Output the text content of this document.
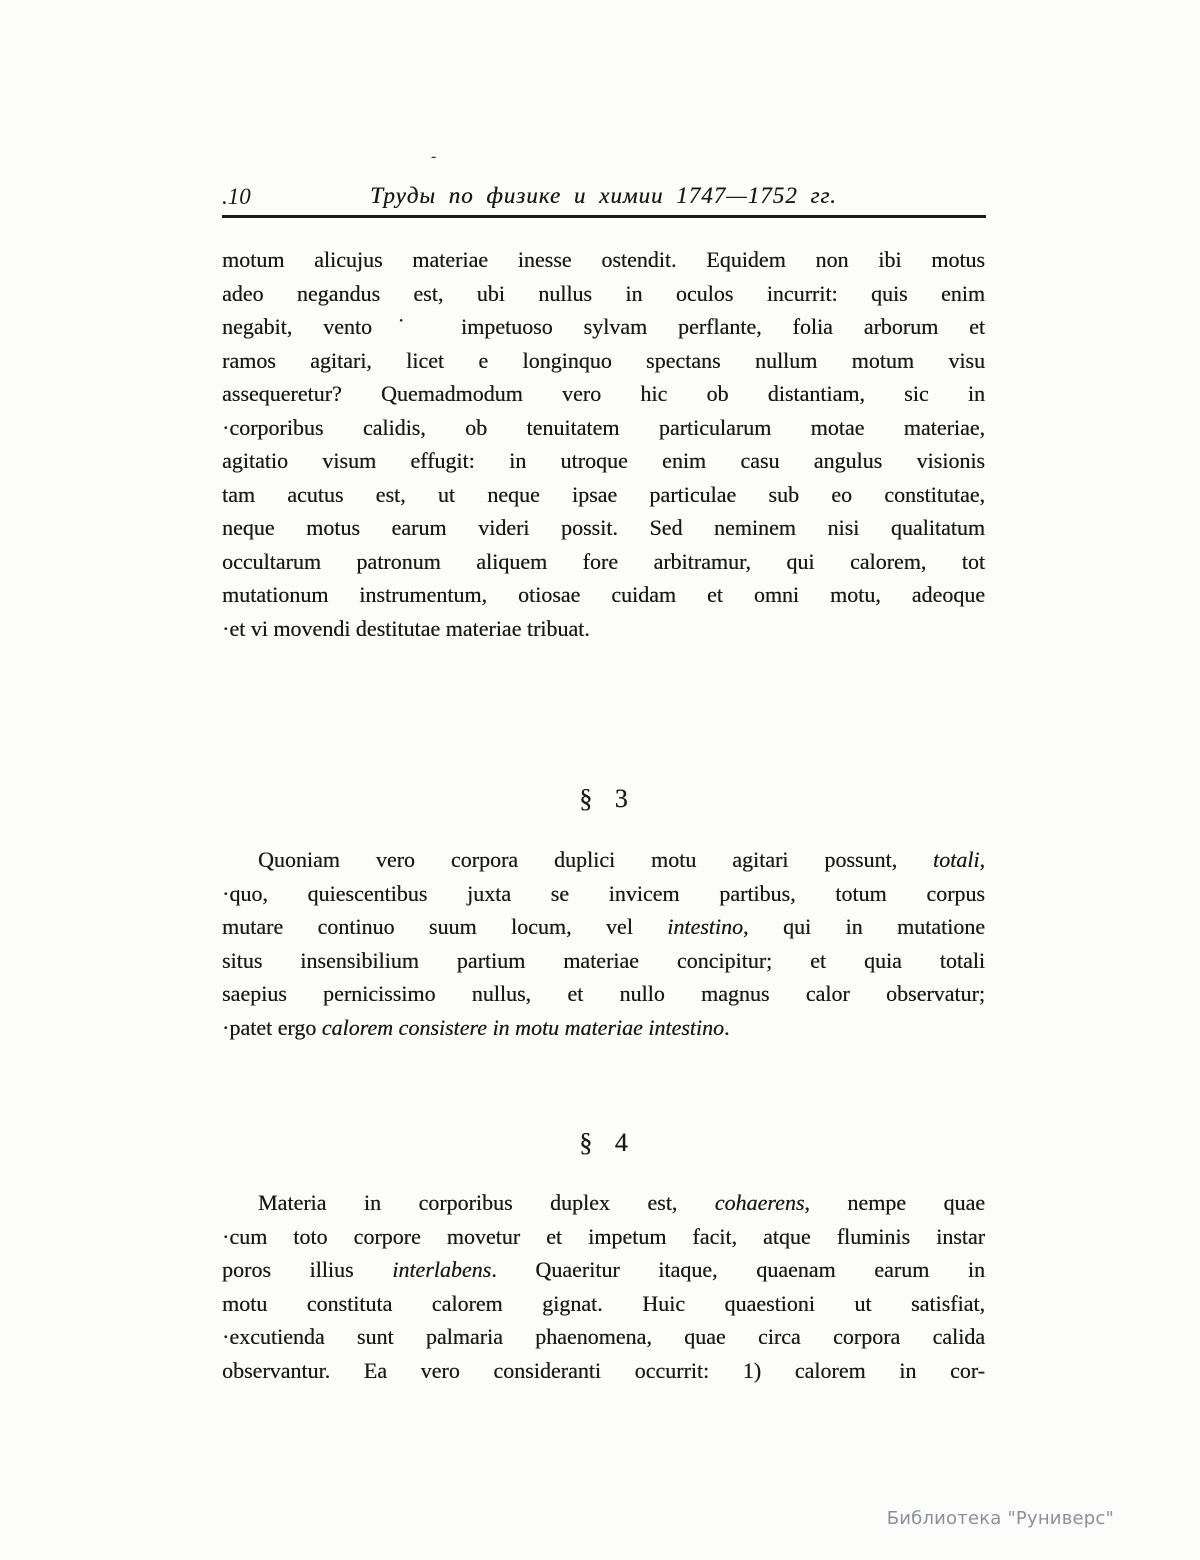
-
.10	Труды по физике и химии 1747—1752 гг.
motum alicujus materiae inesse ostendit. Equidem non ibi motus
adeo negandus est, ubi nullus in oculos incurrit: quis enim
negabit, vento˙ impetuoso sylvam perflante, folia arborum et
ramos agitari, licet e longinquo spectans nullum motum visu
assequeretur? Quemadmodum vero hic ob distantiam, sic in
·corporibus calidis, ob tenuitatem particularum motae materiae,
agitatio visum effugit: in utroque enim casu angulus visionis
tam acutus est, ut neque ipsae particulae sub eo constitutae,
neque motus earum videri possit. Sed neminem nisi qualitatum
occultarum patronum aliquem fore arbitramur, qui calorem, tot
mutationum instrumentum, otiosae cuidam et omni motu, adeoque
·et vi movendi destitutae materiae tribuat.
§ 3
Quoniam vero corpora duplici motu agitari possunt, totali,
·quo, quiescentibus juxta se invicem partibus, totum corpus
mutare continuo suum locum, vel intestino, qui in mutatione
situs insensibilium partium materiae concipitur; et quia totali
saepius pernicissimo nullus, et nullo magnus calor observatur;
·patet ergo calorem consistere in motu materiae intestino.
§ 4
Materia in corporibus duplex est, cohaerens, nempe quae
·cum toto corpore movetur et impetum facit, atque fluminis instar
poros illius interlabens. Quaeritur itaque, quaenam earum in
motu constituta calorem gignat. Huic quaestioni ut satisfiat,
·excutienda sunt palmaria phaenomena, quae circa corpora calida
observantur. Ea vero consideranti occurrit: 1) calorem in cor-
Библиотека "Руниверс"
